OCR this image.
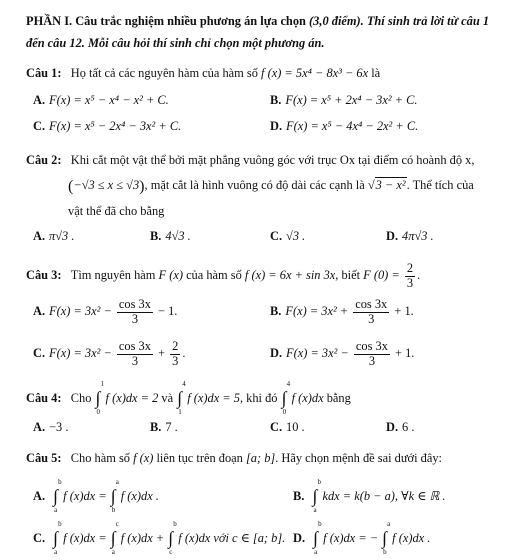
PHẦN I. Câu trắc nghiệm nhiều phương án lựa chọn (3,0 điểm). Thí sinh trả lời từ câu 1
đến câu 12. Mỗi câu hỏi thí sinh chỉ chọn một phương án.
Câu 1: Họ tất cả các nguyên hàm của hàm số f (x) = 5x⁴ − 8x³ − 6x là
A. F(x) = x⁵ − x⁴ − x² + C.	B. F(x) = x⁵ + 2x⁴ − 3x² + C.
C. F(x) = x⁵ − 2x⁴ − 3x² + C.	D. F(x) = x⁵ − 4x⁴ − 2x² + C.
Câu 2: Khi cắt một vật thể bởi mặt phẳng vuông góc với trục Ox tại điểm có hoành độ x,
(−√3 ≤ x ≤ √3), mặt cắt là hình vuông có độ dài các cạnh là √3 − x². Thể tích của
vật thể đã cho bằng
A. π√3 .	B. 4√3 .	C. √3 .	D. 4π√3 .
Câu 3: Tìm nguyên hàm F (x) của hàm số f (x) = 6x + sin 3x, biết F $(0) = \frac{2}{3}$ .
A. $F(x) = 3x^2 - \frac{\cos 3x}{3} - 1$.	B. $F(x) = 3x^2 + \frac{\cos 3x}{3} + 1$.
C. $F(x) = 3x^2 - \frac{\cos 3x}{3} + \frac{2}{3}$ .	D. $F(x) = 3x^2 - \frac{\cos 3x}{3} + 1$.
Câu 4: Cho ∫
1
0
f (x)dx = 2 và ∫
4
1
f (x)dx = 5, khi đó ∫
4
0
f (x)dx bằng
A. −3 .	B. 7 .	C. 10 .	D. 6 .
Câu 5: Cho hàm số f (x) liên tục trên đoạn [a; b]. Hãy chọn mệnh đề sai dưới đây:
A. ∫
b
a
f (x)dx = ∫
a
b
f (x)dx .	B. ∫
b
a
kdx = k(b − a), ∀k ∈ ℝ .
C. ∫
b
a
f (x)dx = ∫
c
a
f (x)dx + ∫
b
c
f (x)dx với c ∈ [a; b]. D. ∫
b
a
f (x)dx = − ∫
a
b
f (x)dx .
